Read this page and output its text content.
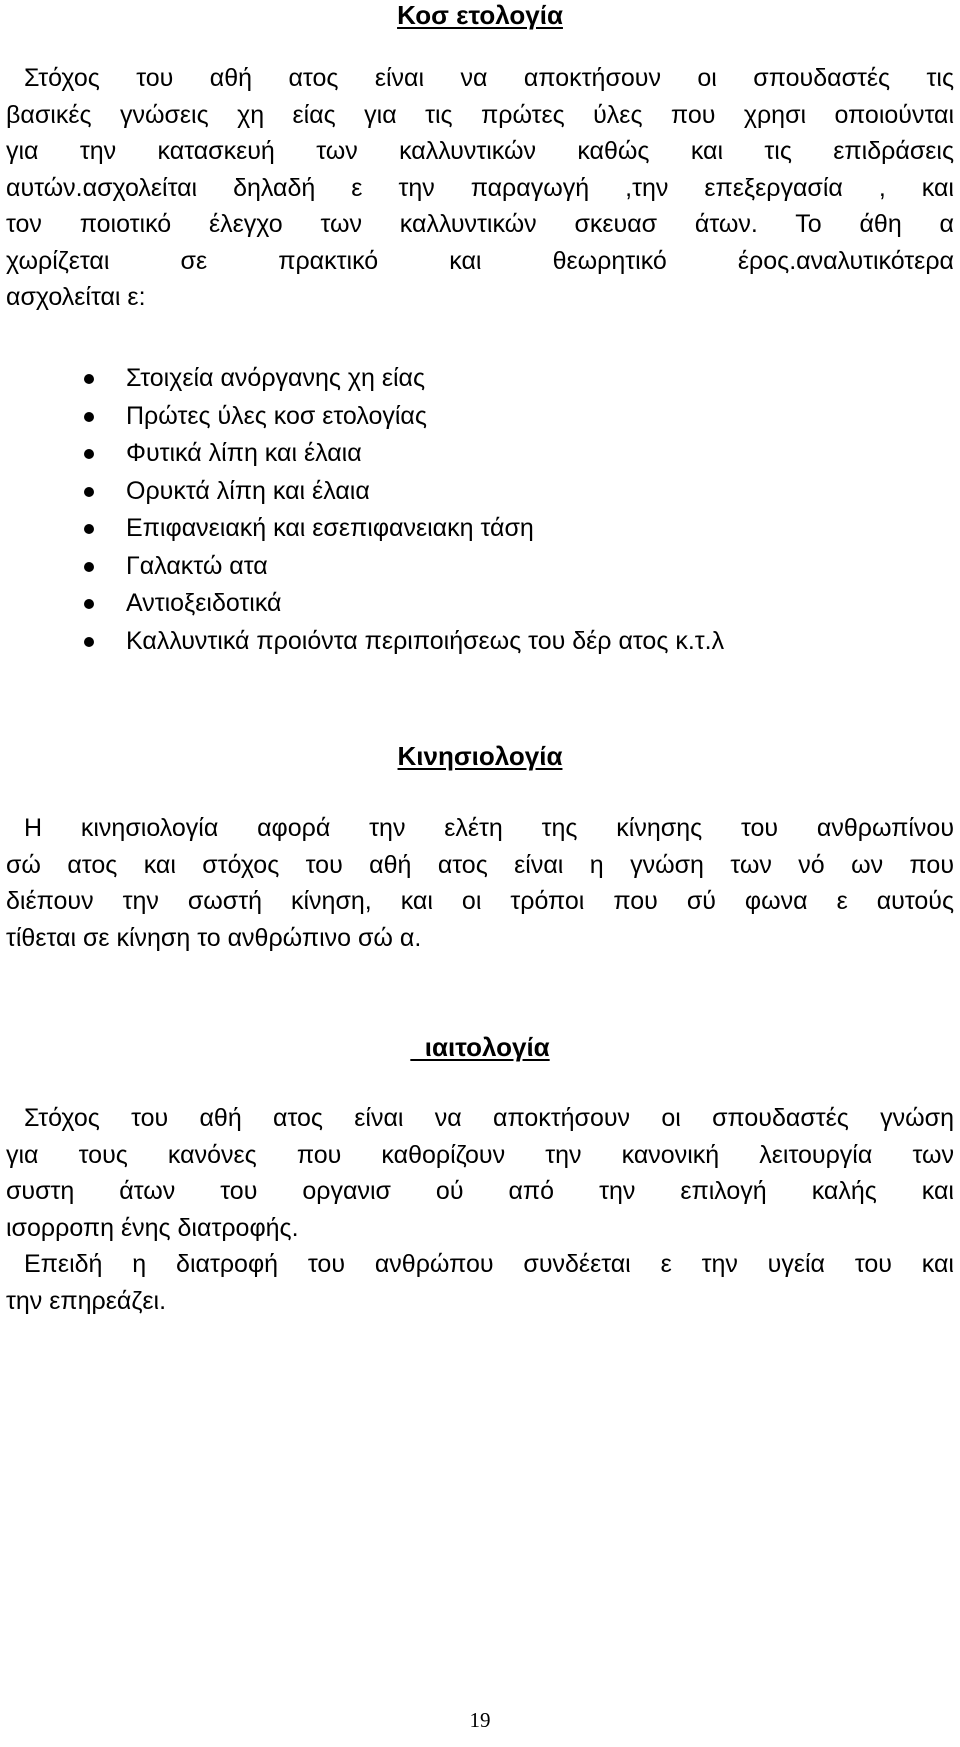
Κοσ ετολογία
Στόχος του αθή ατος είναι να αποκτήσουν οι σπουδαστές τις
βασικές γνώσεις χη είας για τις πρώτες ύλες που χρησι οποιούνται
για την κατασκευή των καλλυντικών καθώς και τις επιδράσεις
αυτών.ασχολείται δηλαδή ε την παραγωγή ,την επεξεργασία , και
τον ποιοτικό έλεγχο των καλλυντικών σκευασ άτων. Το άθη α
χωρίζεται σε πρακτικό και θεωρητικό έρος.αναλυτικότερα
ασχολείται ε:
Στοιχεία ανόργανης χη είας
Πρώτες ύλες κοσ ετολογίας
Φυτικά λίπη και έλαια
Ορυκτά λίπη και έλαια
Επιφανειακή και εσεπιφανειακη τάση
Γαλακτώ ατα
Αντιοξειδοτικά
Καλλυντικά προιόντα περιποιήσεως του δέρ ατος κ.τ.λ
Κινησιολογία
Η κινησιολογία αφορά την ελέτη της κίνησης του ανθρωπίνου
σώ ατος και στόχος του αθή ατος είναι η γνώση των νό ων που
διέπουν την σωστή κίνηση, και οι τρόποι που σύ φωνα ε αυτούς
τίθεται σε κίνηση το ανθρώπινο σώ α.
ιαιτολογία
Στόχος του αθή ατος είναι να αποκτήσουν οι σπουδαστές γνώση
για τους κανόνες που καθορίζουν την κανονική λειτουργία των
συστη άτων του οργανισ ού από την επιλογή καλής και
ισορροπη ένης διατροφής.
Επειδή η διατροφή του ανθρώπου συνδέεται ε την υγεία του και
την επηρεάζει.
19
